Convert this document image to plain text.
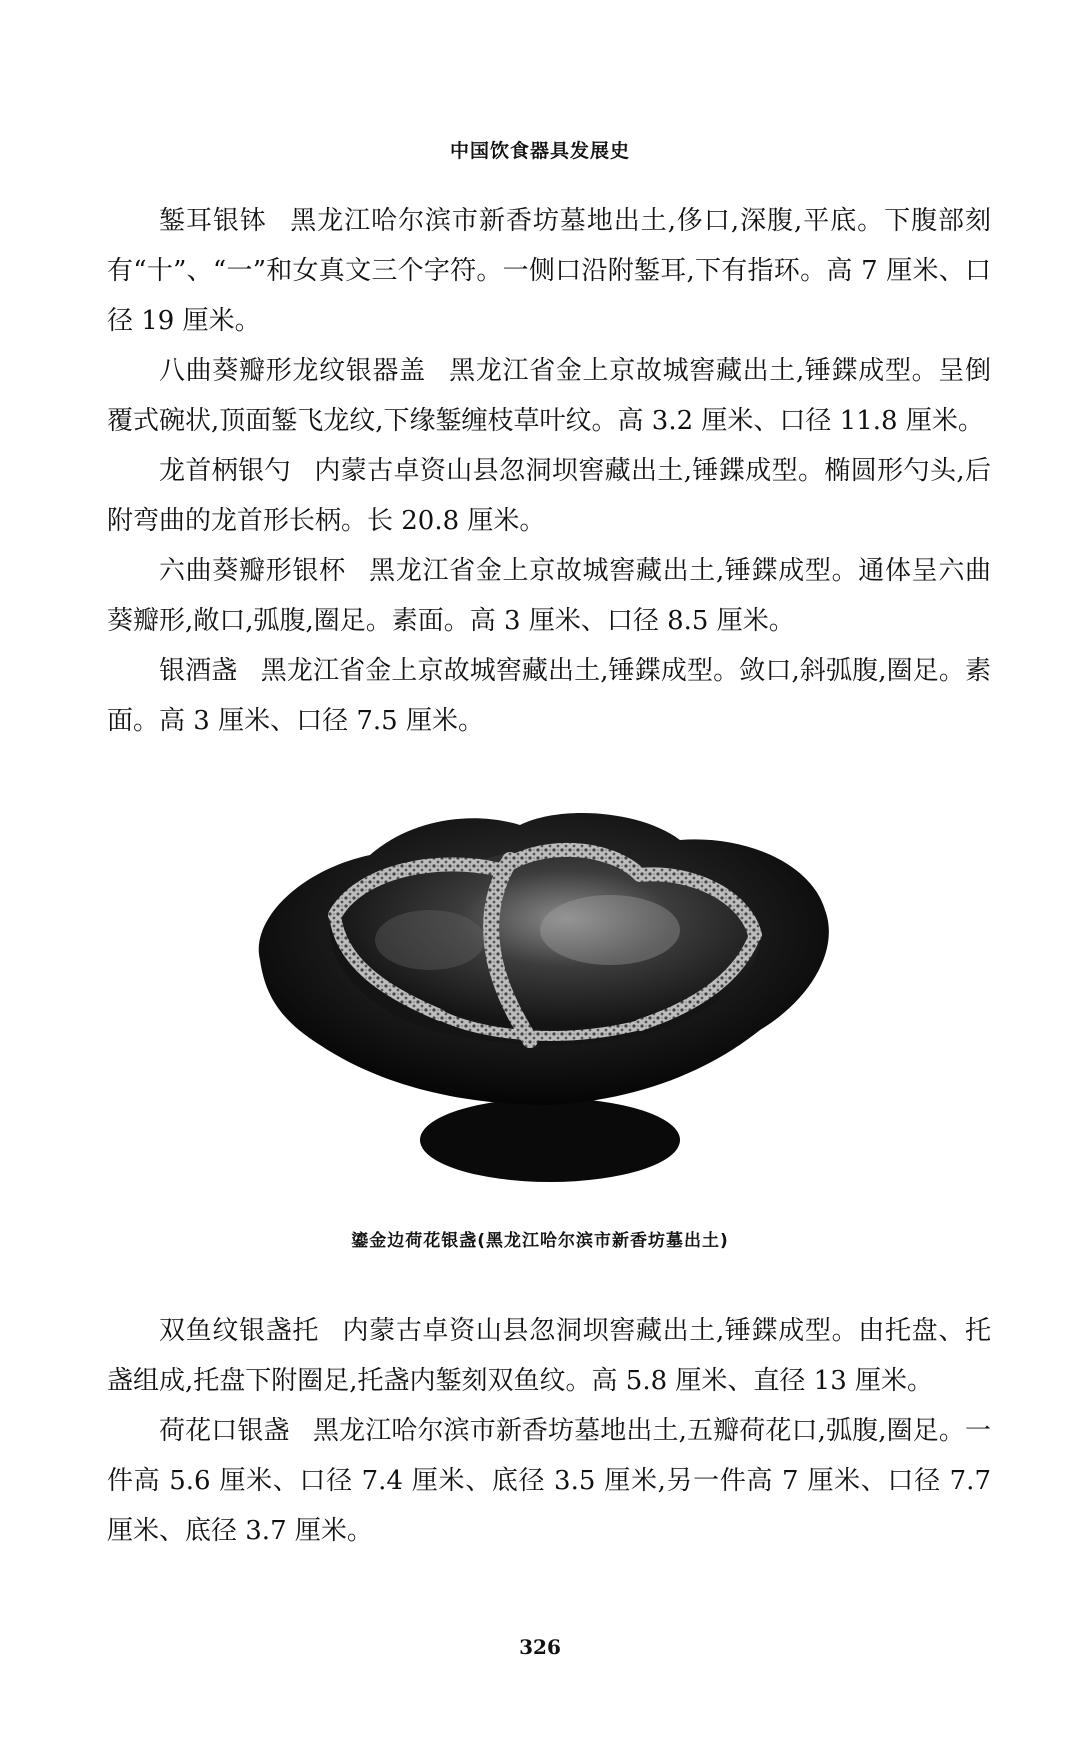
中国饮食器具发展史

錾耳银钵 黑龙江哈尔滨市新香坊墓地出土,侈口,深腹,平底。下腹部刻有“十”、“一”和女真文三个字符。一侧口沿附錾耳,下有指环。高 7 厘米、口径 19 厘米。

八曲葵瓣形龙纹银器盖 黑龙江省金上京故城窖藏出土,锤鍱成型。呈倒覆式碗状,顶面錾飞龙纹,下缘錾缠枝草叶纹。高 3.2 厘米、口径 11.8 厘米。

龙首柄银勺 内蒙古卓资山县忽洞坝窖藏出土,锤鍱成型。椭圆形勺头,后附弯曲的龙首形长柄。长 20.8 厘米。

六曲葵瓣形银杯 黑龙江省金上京故城窖藏出土,锤鍱成型。通体呈六曲葵瓣形,敞口,弧腹,圈足。素面。高 3 厘米、口径 8.5 厘米。

银酒盏 黑龙江省金上京故城窖藏出土,锤鍱成型。敛口,斜弧腹,圈足。素面。高 3 厘米、口径 7.5 厘米。

鎏金边荷花银盏(黑龙江哈尔滨市新香坊墓出土)

双鱼纹银盏托 内蒙古卓资山县忽洞坝窖藏出土,锤鍱成型。由托盘、托盏组成,托盘下附圈足,托盏内錾刻双鱼纹。高 5.8 厘米、直径 13 厘米。

荷花口银盏 黑龙江哈尔滨市新香坊墓地出土,五瓣荷花口,弧腹,圈足。一件高 5.6 厘米、口径 7.4 厘米、底径 3.5 厘米,另一件高 7 厘米、口径 7.7 厘米、底径 3.7 厘米。

326
